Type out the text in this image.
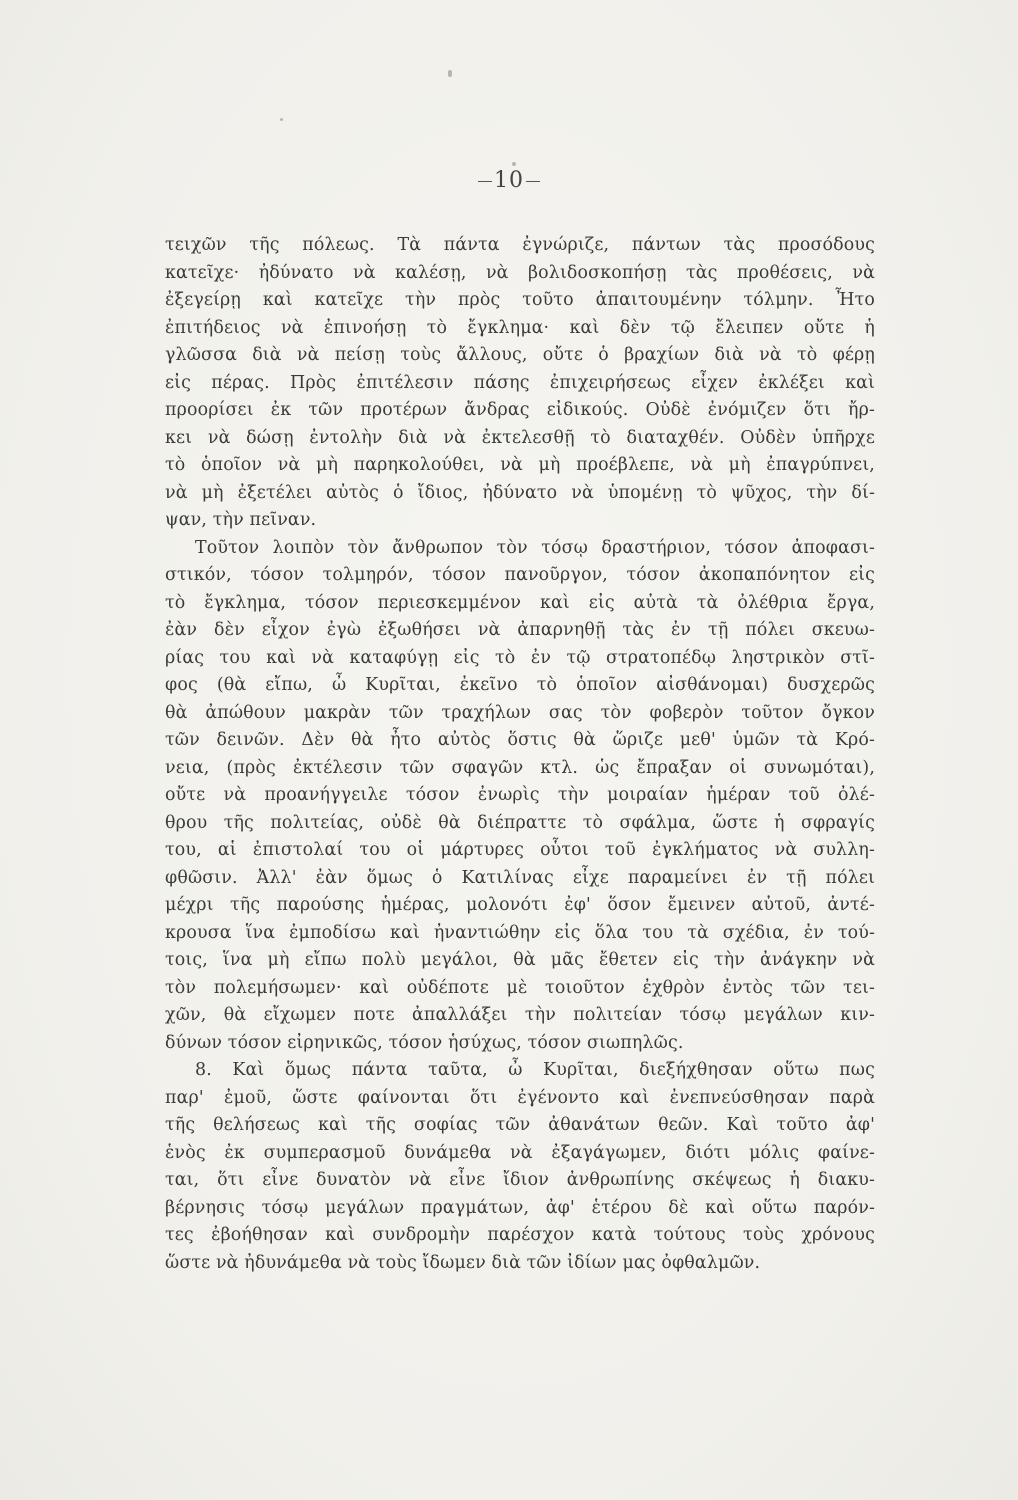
10
τειχῶν τῆς πόλεως. Τὰ πάντα ἐγνώριζε, πάντων τὰς προσόδους
κατεῖχε· ἠδύνατο νὰ καλέσῃ, νὰ βολιδοσκοπήσῃ τὰς προθέσεις, νὰ
ἐξεγείρῃ καὶ κατεῖχε τὴν πρὸς τοῦτο ἀπαιτουμένην τόλμην. Ἦτο
ἐπιτήδειος νὰ ἐπινοήσῃ τὸ ἔγκλημα· καὶ δὲν τῷ ἔλειπεν οὔτε ἡ
γλῶσσα διὰ νὰ πείσῃ τοὺς ἄλλους, οὔτε ὁ βραχίων διὰ νὰ τὸ φέρῃ
εἰς πέρας. Πρὸς ἐπιτέλεσιν πάσης ἐπιχειρήσεως εἶχεν ἐκλέξει καὶ
προορίσει ἐκ τῶν προτέρων ἄνδρας εἰδικούς. Οὐδὲ ἐνόμιζεν ὅτι ἤρ-
κει νὰ δώσῃ ἐντολὴν διὰ νὰ ἐκτελεσθῇ τὸ διαταχθέν. Οὐδὲν ὑπῆρχε
τὸ ὁποῖον νὰ μὴ παρηκολούθει, νὰ μὴ προέβλεπε, νὰ μὴ ἐπαγρύπνει,
νὰ μὴ ἐξετέλει αὐτὸς ὁ ἴδιος, ἠδύνατο νὰ ὑπομένῃ τὸ ψῦχος, τὴν δί-
ψαν, τὴν πεῖναν.
Τοῦτον λοιπὸν τὸν ἄνθρωπον τὸν τόσῳ δραστήριον, τόσον ἀποφασι-
στικόν, τόσον τολμηρόν, τόσον πανοῦργον, τόσον ἀκοπαπόνητον εἰς
τὸ ἔγκλημα, τόσον περιεσκεμμένον καὶ εἰς αὐτὰ τὰ ὀλέθρια ἔργα,
ἐὰν δὲν εἶχον ἐγὼ ἐξωθήσει νὰ ἀπαρνηθῇ τὰς ἐν τῇ πόλει σκευω-
ρίας του καὶ νὰ καταφύγῃ εἰς τὸ ἐν τῷ στρατοπέδῳ ληστρικὸν στῖ-
φος (θὰ εἴπω, ὦ Κυρῖται, ἐκεῖνο τὸ ὁποῖον αἰσθάνομαι) δυσχερῶς
θὰ ἀπώθουν μακρὰν τῶν τραχήλων σας τὸν φοβερὸν τοῦτον ὄγκον
τῶν δεινῶν. Δὲν θὰ ἦτο αὐτὸς ὅστις θὰ ὥριζε μεθ' ὑμῶν τὰ Κρό-
νεια, (πρὸς ἐκτέλεσιν τῶν σφαγῶν κτλ. ὡς ἔπραξαν οἱ συνωμόται),
οὔτε νὰ προανήγγειλε τόσον ἐνωρὶς τὴν μοιραίαν ἡμέραν τοῦ ὀλέ-
θρου τῆς πολιτείας, οὐδὲ θὰ διέπραττε τὸ σφάλμα, ὥστε ἡ σφραγίς
του, αἱ ἐπιστολαί του οἱ μάρτυρες οὗτοι τοῦ ἐγκλήματος νὰ συλλη-
φθῶσιν. Ἀλλ' ἐὰν ὅμως ὁ Κατιλίνας εἶχε παραμείνει ἐν τῇ πόλει
μέχρι τῆς παρούσης ἡμέρας, μολονότι ἐφ' ὅσον ἔμεινεν αὐτοῦ, ἀντέ-
κρουσα ἵνα ἐμποδίσω καὶ ἠναντιώθην εἰς ὅλα του τὰ σχέδια, ἐν τού-
τοις, ἵνα μὴ εἴπω πολὺ μεγάλοι, θὰ μᾶς ἔθετεν εἰς τὴν ἀνάγκην νὰ
τὸν πολεμήσωμεν· καὶ οὐδέποτε μὲ τοιοῦτον ἐχθρὸν ἐντὸς τῶν τει-
χῶν, θὰ εἴχωμεν ποτε ἀπαλλάξει τὴν πολιτείαν τόσῳ μεγάλων κιν-
δύνων τόσον εἰρηνικῶς, τόσον ἡσύχως, τόσον σιωπηλῶς.
8. Καὶ ὅμως πάντα ταῦτα, ὦ Κυρῖται, διεξήχθησαν οὕτω πως
παρ' ἐμοῦ, ὥστε φαίνονται ὅτι ἐγένοντο καὶ ἐνεπνεύσθησαν παρὰ
τῆς θελήσεως καὶ τῆς σοφίας τῶν ἀθανάτων θεῶν. Καὶ τοῦτο ἀφ'
ἑνὸς ἐκ συμπερασμοῦ δυνάμεθα νὰ ἐξαγάγωμεν, διότι μόλις φαίνε-
ται, ὅτι εἶνε δυνατὸν νὰ εἶνε ἴδιον ἀνθρωπίνης σκέψεως ἡ διακυ-
βέρνησις τόσῳ μεγάλων πραγμάτων, ἀφ' ἑτέρου δὲ καὶ οὕτω παρόν-
τες ἐβοήθησαν καὶ συνδρομὴν παρέσχον κατὰ τούτους τοὺς χρόνους
ὥστε νὰ ἠδυνάμεθα νὰ τοὺς ἴδωμεν διὰ τῶν ἰδίων μας ὀφθαλμῶν.
